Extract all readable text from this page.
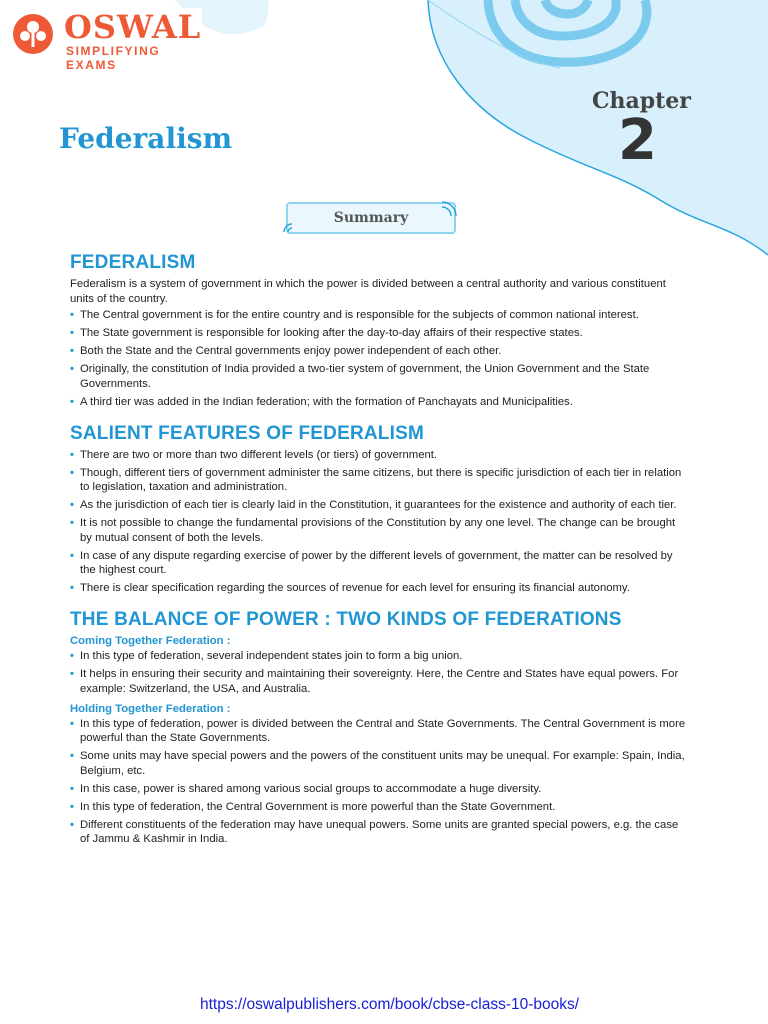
OSWAL
SIMPLIFYING EXAMS
Chapter
2
Federalism
Summary
FEDERALISM

Federalism is a system of government in which the power is divided between a central authority and various constituent units of the country.

• The Central government is for the entire country and is responsible for the subjects of common national interest.
• The State government is responsible for looking after the day-to-day affairs of their respective states.
• Both the State and the Central governments enjoy power independent of each other.
• Originally, the constitution of India provided a two-tier system of government, the Union Government and the State Governments.
• A third tier was added in the Indian federation; with the formation of Panchayats and Municipalities.
SALIENT FEATURES OF FEDERALISM
• There are two or more than two different levels (or tiers) of government.
• Though, different tiers of government administer the same citizens, but there is specific jurisdiction of each tier in relation to legislation, taxation and administration.
• As the jurisdiction of each tier is clearly laid in the Constitution, it guarantees for the existence and authority of each tier.
• It is not possible to change the fundamental provisions of the Constitution by any one level. The change can be brought by mutual consent of both the levels.
• In case of any dispute regarding exercise of power by the different levels of government, the matter can be resolved by the highest court.
• There is clear specification regarding the sources of revenue for each level for ensuring its financial autonomy.
THE BALANCE OF POWER : TWO KINDS OF FEDERATIONS
Coming Together Federation :
• In this type of federation, several independent states join to form a big union.
• It helps in ensuring their security and maintaining their sovereignty. Here, the Centre and States have equal powers. For example: Switzerland, the USA, and Australia.
Holding Together Federation :
• In this type of federation, power is divided between the Central and State Governments. The Central Government is more powerful than the State Governments.
• Some units may have special powers and the powers of the constituent units may be unequal. For example: Spain, India, Belgium, etc.
• In this case, power is shared among various social groups to accommodate a huge diversity.
• In this type of federation, the Central Government is more powerful than the State Government.
• Different constituents of the federation may have unequal powers. Some units are granted special powers, e.g. the case of Jammu & Kashmir in India.
https://oswalpublishers.com/book/cbse-class-10-books/
